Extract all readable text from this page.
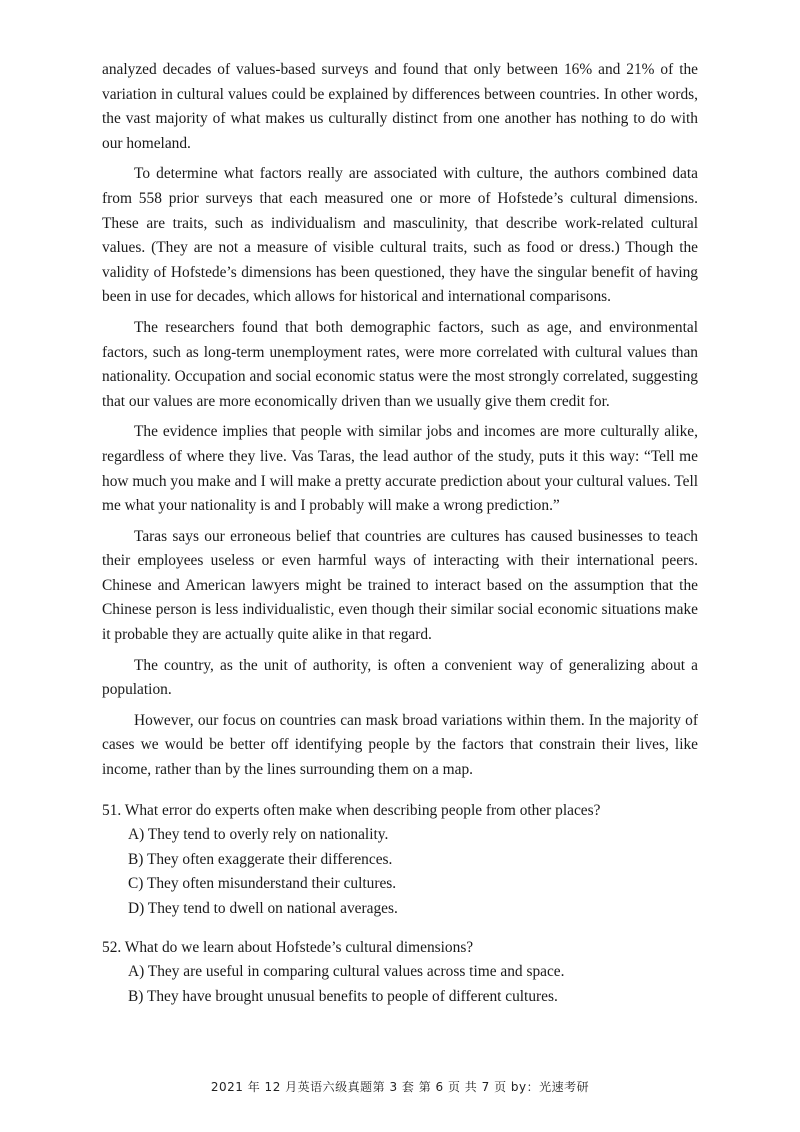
analyzed decades of values-based surveys and found that only between 16% and 21% of the variation in cultural values could be explained by differences between countries. In other words, the vast majority of what makes us culturally distinct from one another has nothing to do with our homeland.

To determine what factors really are associated with culture, the authors combined data from 558 prior surveys that each measured one or more of Hofstede’s cultural dimensions. These are traits, such as individualism and masculinity, that describe work-related cultural values. (They are not a measure of visible cultural traits, such as food or dress.) Though the validity of Hofstede’s dimensions has been questioned, they have the singular benefit of having been in use for decades, which allows for historical and international comparisons.

The researchers found that both demographic factors, such as age, and environmental factors, such as long-term unemployment rates, were more correlated with cultural values than nationality. Occupation and social economic status were the most strongly correlated, suggesting that our values are more economically driven than we usually give them credit for.

The evidence implies that people with similar jobs and incomes are more culturally alike, regardless of where they live. Vas Taras, the lead author of the study, puts it this way: “Tell me how much you make and I will make a pretty accurate prediction about your cultural values. Tell me what your nationality is and I probably will make a wrong prediction.”

Taras says our erroneous belief that countries are cultures has caused businesses to teach their employees useless or even harmful ways of interacting with their international peers. Chinese and American lawyers might be trained to interact based on the assumption that the Chinese person is less individualistic, even though their similar social economic situations make it probable they are actually quite alike in that regard.

The country, as the unit of authority, is often a convenient way of generalizing about a population.

However, our focus on countries can mask broad variations within them. In the majority of cases we would be better off identifying people by the factors that constrain their lives, like income, rather than by the lines surrounding them on a map.

51. What error do experts often make when describing people from other places?

A) They tend to overly rely on nationality.
B) They often exaggerate their differences.
C) They often misunderstand their cultures.
D) They tend to dwell on national averages.

52. What do we learn about Hofstede’s cultural dimensions?

A) They are useful in comparing cultural values across time and space.
B) They have brought unusual benefits to people of different cultures.
2021 年 12 月英语六级真题第 3 套 第 6 页 共 7 页 by：光速考研
